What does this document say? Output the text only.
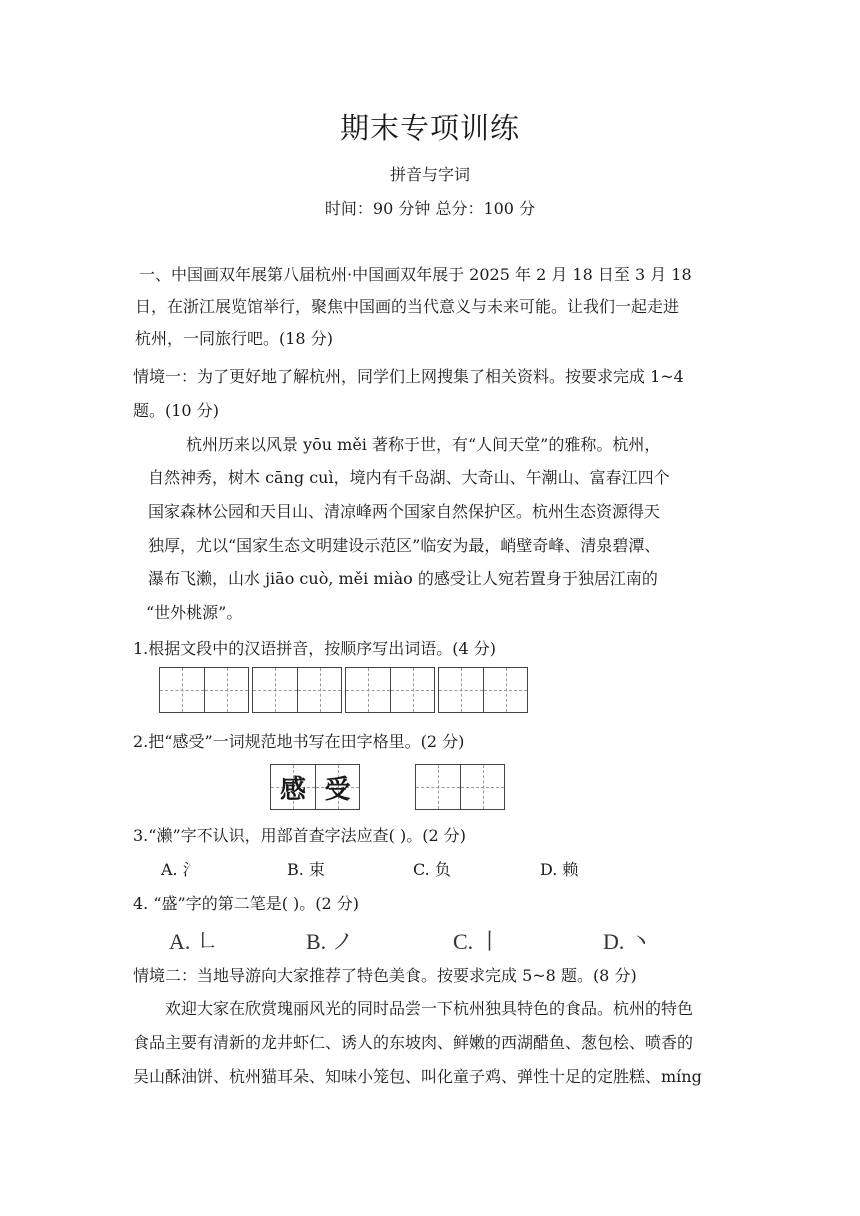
期末专项训练
拼音与字词
时间：90 分钟 总分：100 分
一、中国画双年展第八届杭州·中国画双年展于 2025 年 2 月 18 日至 3 月 18
日，在浙江展览馆举行，聚焦中国画的当代意义与未来可能。让我们一起走进
杭州，一同旅行吧。(18 分)
情境一：为了更好地了解杭州，同学们上网搜集了相关资料。按要求完成 1~4
题。(10 分)
杭州历来以风景 yōu měi 著称于世，有“人间天堂”的雅称。杭州，
自然神秀，树木 cāng cuì，境内有千岛湖、大奇山、午潮山、富春江四个
国家森林公园和天目山、清凉峰两个国家自然保护区。杭州生态资源得天
独厚，尤以“国家生态文明建设示范区”临安为最，峭壁奇峰、清泉碧潭、
瀑布飞濑，山水 jiāo cuò, měi miào 的感受让人宛若置身于独居江南的
“世外桃源”。
1.根据文段中的汉语拼音，按顺序写出词语。(4 分)
2.把“感受”一词规范地书写在田字格里。(2 分)
感 受
3.“濑”字不认识，用部首查字法应查( )。(2 分)
A. 氵	B. 束	C. 负	D. 赖
4. “盛”字的第二笔是( )。(2 分)
A. ㇗	B. ノ	C. 丨	D. 丶
情境二：当地导游向大家推荐了特色美食。按要求完成 5~8 题。(8 分)
欢迎大家在欣赏瑰丽风光的同时品尝一下杭州独具特色的食品。杭州的特色
食品主要有清新的龙井虾仁、诱人的东坡肉、鲜嫩的西湖醋鱼、葱包桧、喷香的
吴山酥油饼、杭州猫耳朵、知味小笼包、叫化童子鸡、弹性十足的定胜糕、míng
